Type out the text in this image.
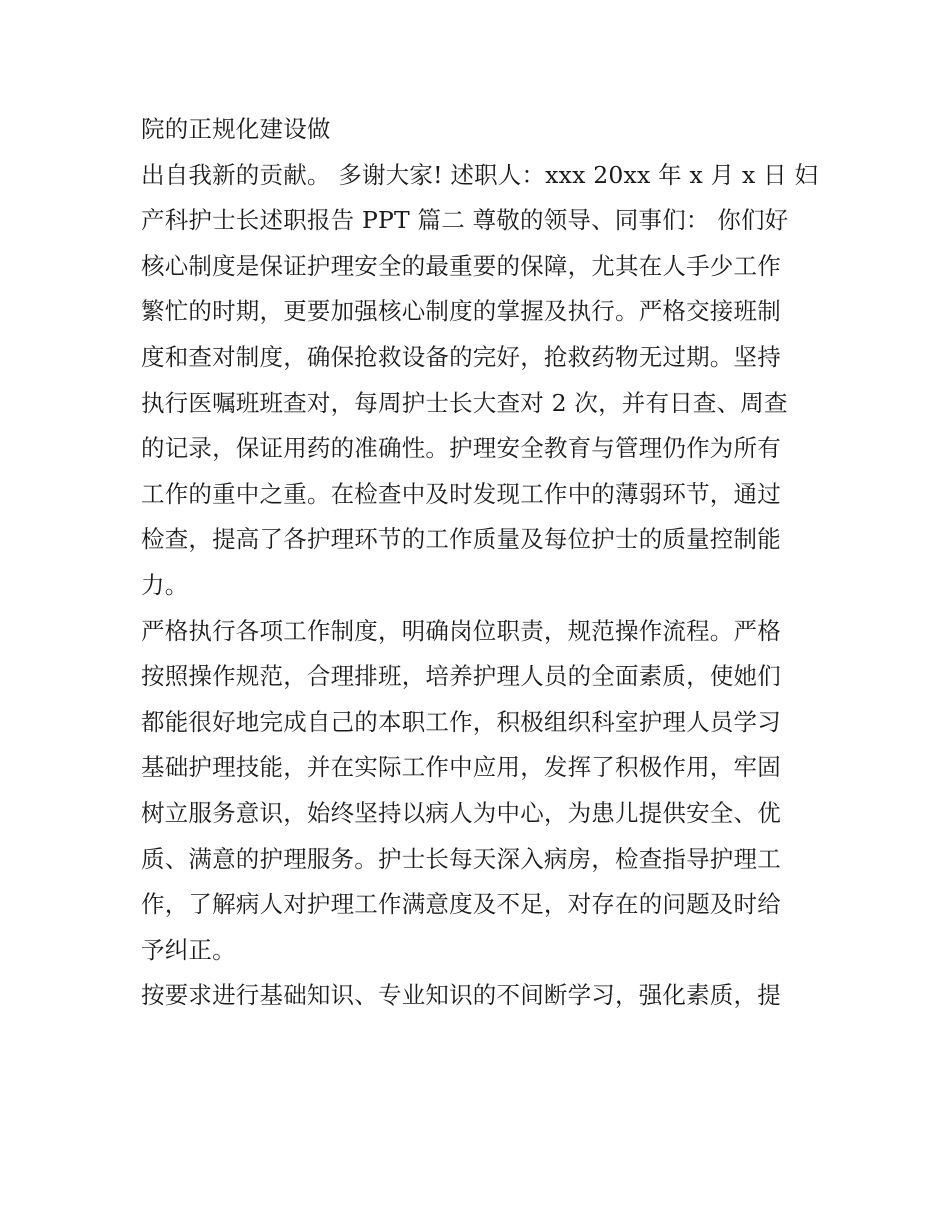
院的正规化建设做
出自我新的贡献。 多谢大家! 述职人：xxx 20xx 年 x 月 x 日 妇
产科护士长述职报告 PPT 篇二 尊敬的领导、同事们： 你们好
核心制度是保证护理安全的最重要的保障，尤其在人手少工作
繁忙的时期，更要加强核心制度的掌握及执行。严格交接班制
度和查对制度，确保抢救设备的完好，抢救药物无过期。坚持
执行医嘱班班查对，每周护士长大查对 2 次，并有日查、周查
的记录，保证用药的准确性。护理安全教育与管理仍作为所有
工作的重中之重。在检查中及时发现工作中的薄弱环节，通过
检查，提高了各护理环节的工作质量及每位护士的质量控制能
力。
严格执行各项工作制度，明确岗位职责，规范操作流程。严格
按照操作规范，合理排班，培养护理人员的全面素质，使她们
都能很好地完成自己的本职工作，积极组织科室护理人员学习
基础护理技能，并在实际工作中应用，发挥了积极作用，牢固
树立服务意识，始终坚持以病人为中心，为患儿提供安全、优
质、满意的护理服务。护士长每天深入病房，检查指导护理工
作，了解病人对护理工作满意度及不足，对存在的问题及时给
予纠正。
按要求进行基础知识、专业知识的不间断学习，强化素质，提
